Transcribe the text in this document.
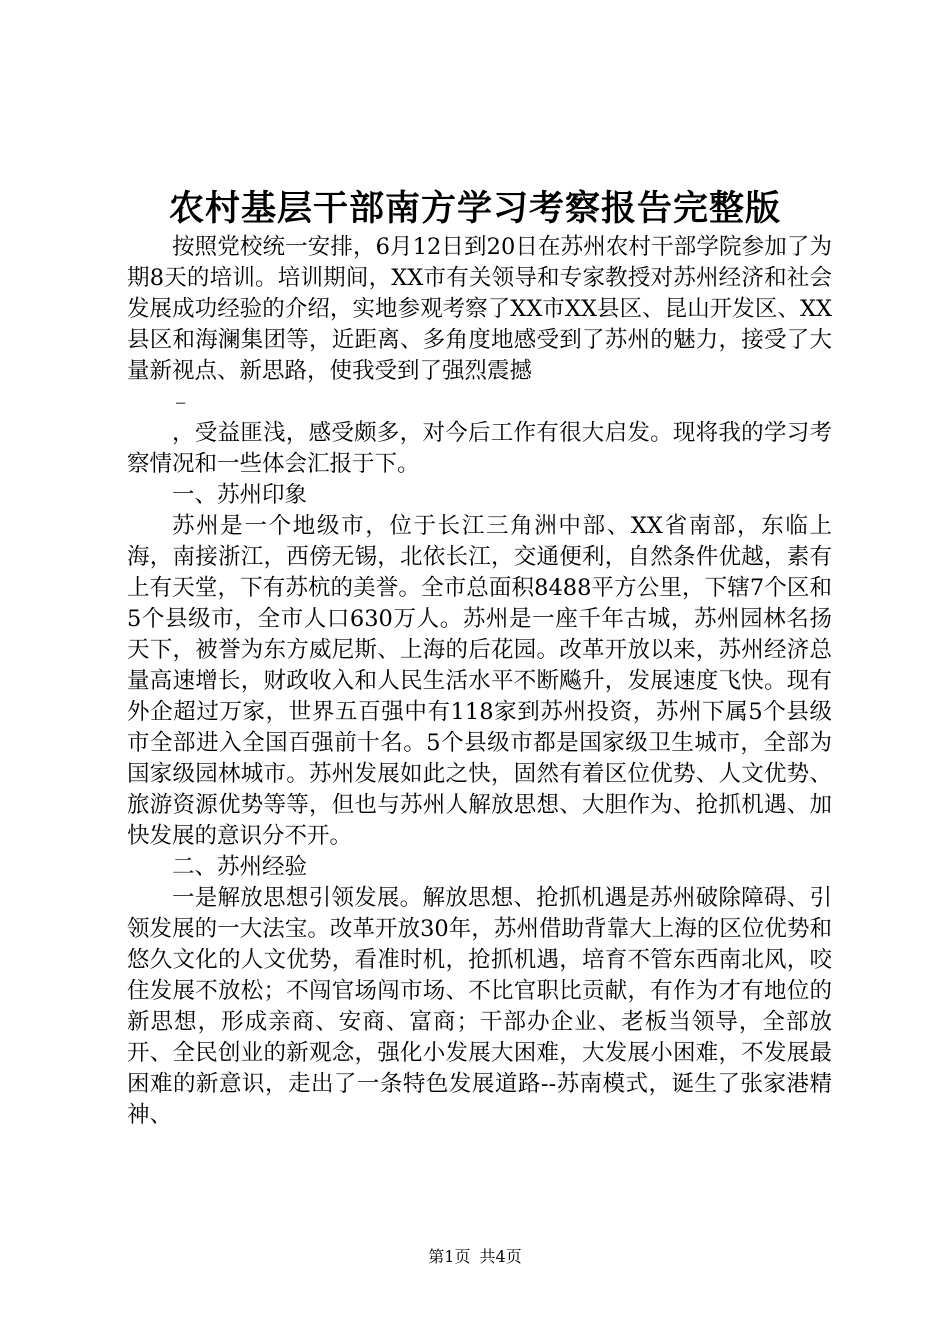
农村基层干部南方学习考察报告完整版

按照党校统一安排，6月12日到20日在苏州农村干部学院参加了为期8天的培训。培训期间，XX市有关领导和专家教授对苏州经济和社会发展成功经验的介绍，实地参观考察了XX市XX县区、昆山开发区、XX县区和海澜集团等，近距离、多角度地感受到了苏州的魅力，接受了大量新视点、新思路，使我受到了强烈震撼

–

，受益匪浅，感受颇多，对今后工作有很大启发。现将我的学习考察情况和一些体会汇报于下。

一、苏州印象

苏州是一个地级市，位于长江三角洲中部、XX省南部，东临上海，南接浙江，西傍无锡，北依长江，交通便利，自然条件优越，素有上有天堂，下有苏杭的美誉。全市总面积8488平方公里，下辖7个区和5个县级市，全市人口630万人。苏州是一座千年古城，苏州园林名扬天下，被誉为东方威尼斯、上海的后花园。改革开放以来，苏州经济总量高速增长，财政收入和人民生活水平不断飚升，发展速度飞快。现有外企超过万家，世界五百强中有118家到苏州投资，苏州下属5个县级市全部进入全国百强前十名。5个县级市都是国家级卫生城市，全部为国家级园林城市。苏州发展如此之快，固然有着区位优势、人文优势、旅游资源优势等等，但也与苏州人解放思想、大胆作为、抢抓机遇、加快发展的意识分不开。

二、苏州经验

一是解放思想引领发展。解放思想、抢抓机遇是苏州破除障碍、引领发展的一大法宝。改革开放30年，苏州借助背靠大上海的区位优势和悠久文化的人文优势，看准时机，抢抓机遇，培育不管东西南北风，咬住发展不放松；不闯官场闯市场、不比官职比贡献，有作为才有地位的新思想，形成亲商、安商、富商；干部办企业、老板当领导，全部放开、全民创业的新观念，强化小发展大困难，大发展小困难，不发展最困难的新意识，走出了一条特色发展道路--苏南模式，诞生了张家港精神、

第1页 共4页
